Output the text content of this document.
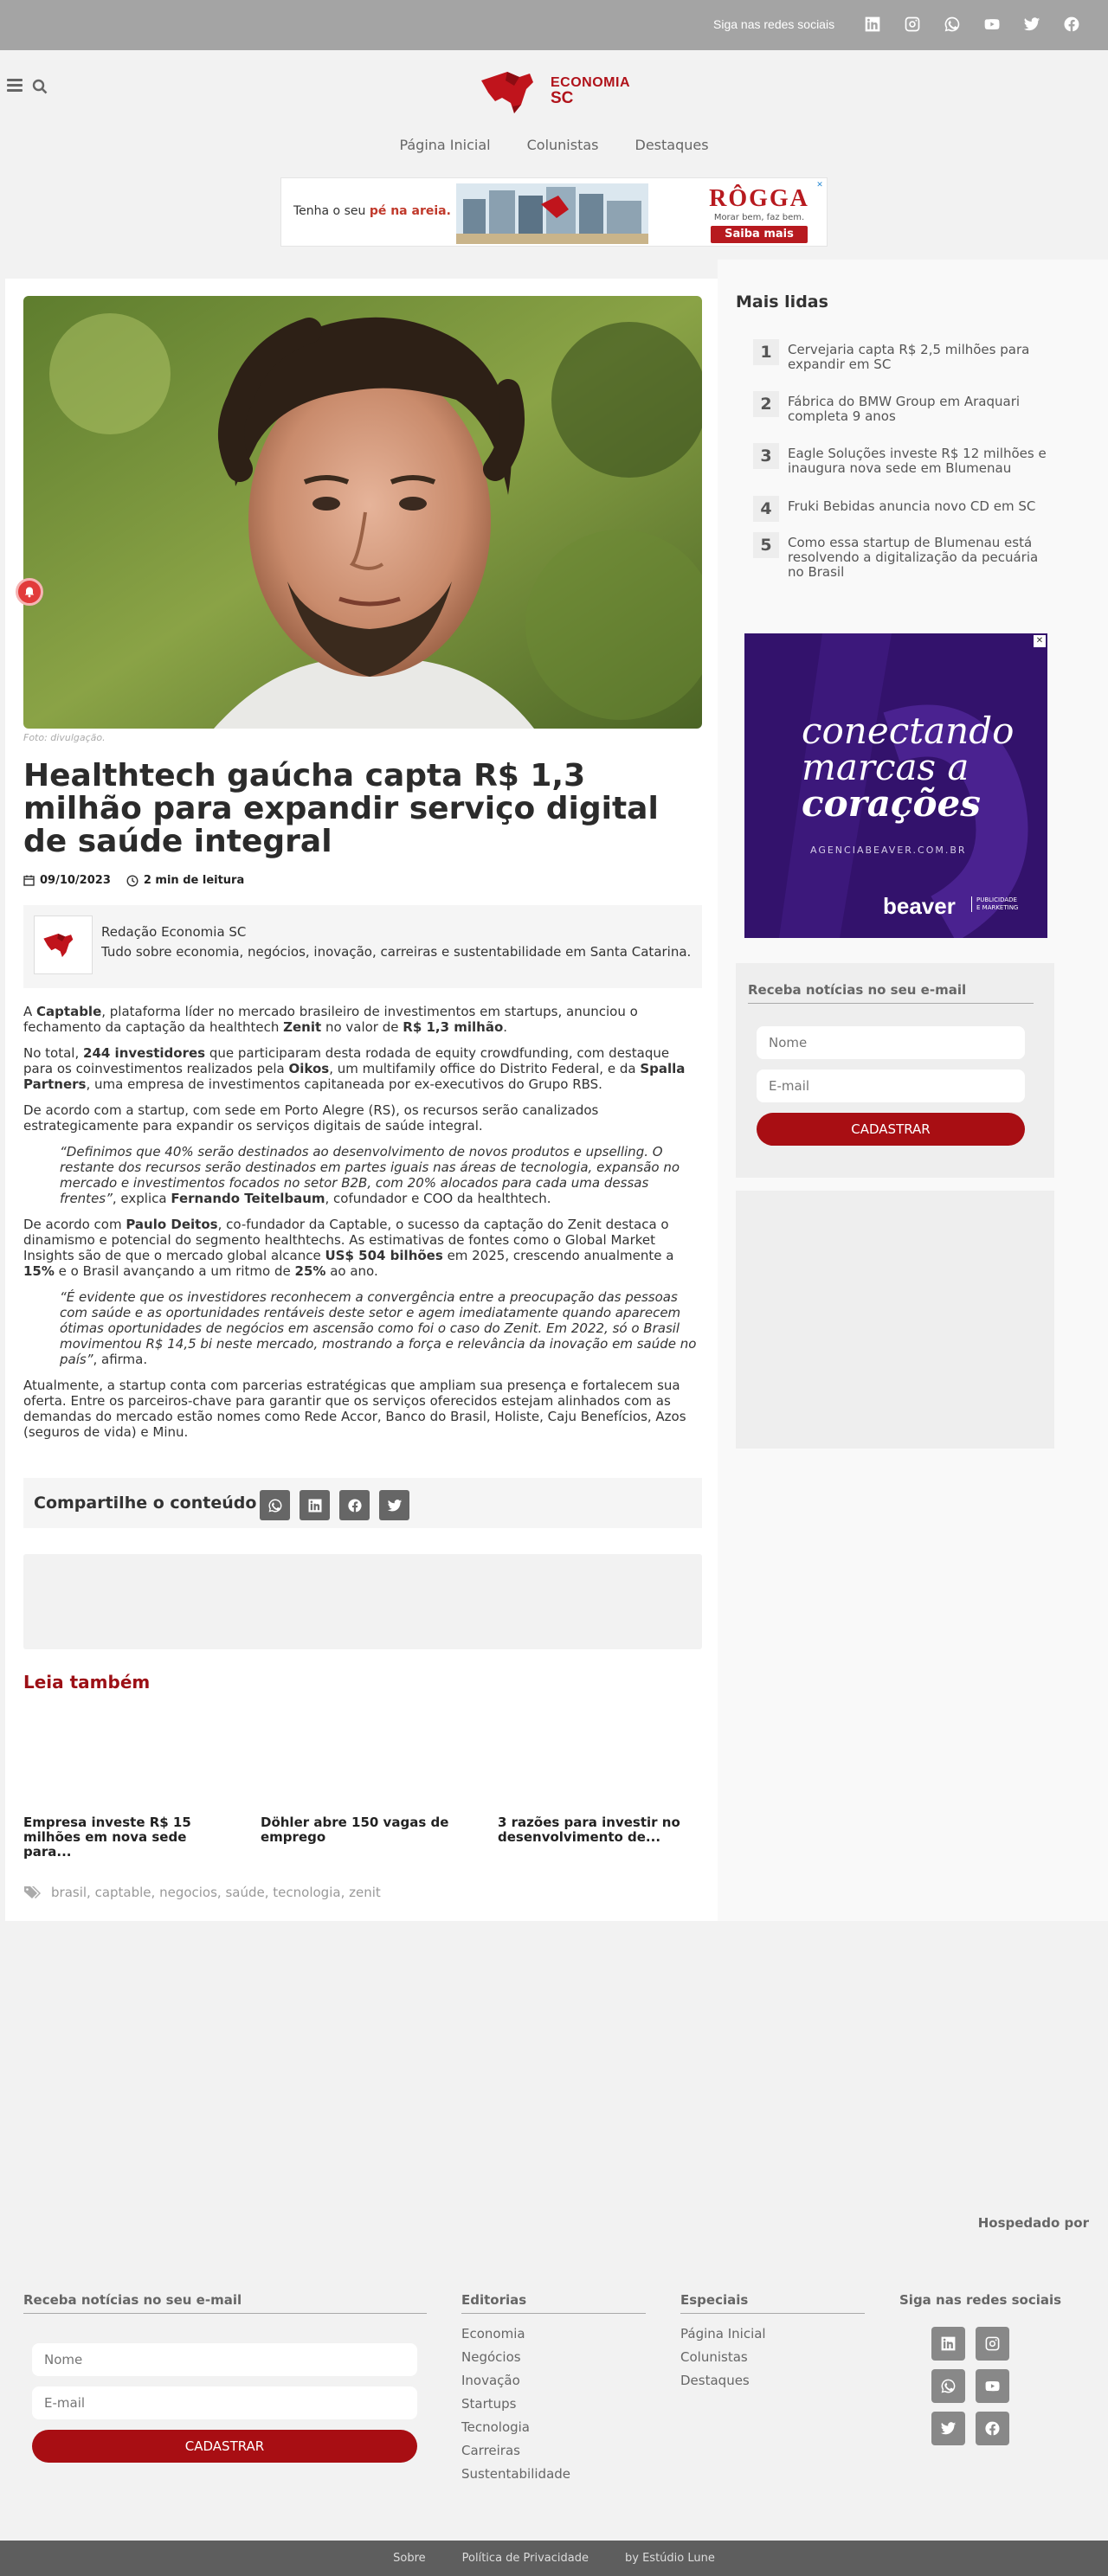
Siga nas redes sociais
ECONOMIA
SC
Página Inicial	Colunistas	Destaques
Tenha o seu pé na areia.	RÔGGA
Morar bem, faz bem.
Saiba mais
✕
Foto: divulgação.
Healthtech gaúcha capta R$ 1,3 milhão para expandir serviço digital de saúde integral
09/10/2023	2 min de leitura
Redação Economia SC
Tudo sobre economia, negócios, inovação, carreiras e sustentabilidade em Santa Catarina.

A Captable, plataforma líder no mercado brasileiro de investimentos em startups, anunciou o fechamento da captação da healthtech Zenit no valor de R$ 1,3 milhão.

No total, 244 investidores que participaram desta rodada de equity crowdfunding, com destaque para os coinvestimentos realizados pela Oikos, um multifamily office do Distrito Federal, e da Spalla Partners, uma empresa de investimentos capitaneada por ex-executivos do Grupo RBS.

De acordo com a startup, com sede em Porto Alegre (RS), os recursos serão canalizados estrategicamente para expandir os serviços digitais de saúde integral.

“Definimos que 40% serão destinados ao desenvolvimento de novos produtos e upselling. O restante dos recursos serão destinados em partes iguais nas áreas de tecnologia, expansão no mercado e investimentos focados no setor B2B, com 20% alocados para cada uma dessas frentes”, explica Fernando Teitelbaum, cofundador e COO da healthtech.

De acordo com Paulo Deitos, co-fundador da Captable, o sucesso da captação do Zenit destaca o dinamismo e potencial do segmento healthtechs. As estimativas de fontes como o Global Market Insights são de que o mercado global alcance US$ 504 bilhões em 2025, crescendo anualmente a 15% e o Brasil avançando a um ritmo de 25% ao ano.

“É evidente que os investidores reconhecem a convergência entre a preocupação das pessoas com saúde e as oportunidades rentáveis deste setor e agem imediatamente quando aparecem ótimas oportunidades de negócios em ascensão como foi o caso do Zenit. Em 2022, só o Brasil movimentou R$ 14,5 bi neste mercado, mostrando a força e relevância da inovação em saúde no país”, afirma.

Atualmente, a startup conta com parcerias estratégicas que ampliam sua presença e fortalecem sua oferta. Entre os parceiros-chave para garantir que os serviços oferecidos estejam alinhados com as demandas do mercado estão nomes como Rede Accor, Banco do Brasil, Holiste, Caju Benefícios, Azos (seguros de vida) e Minu.

Compartilhe o conteúdo
Leia também
Empresa investe R$ 15 milhões em nova sede para...
Döhler abre 150 vagas de emprego
3 razões para investir no desenvolvimento de...
brasil, captable, negocios, saúde, tecnologia, zenit
Mais lidas
1	Cervejaria capta R$ 2,5 milhões para expandir em SC
2	Fábrica do BMW Group em Araquari completa 9 anos
3	Eagle Soluções investe R$ 12 milhões e inaugura nova sede em Blumenau
4	Fruki Bebidas anuncia novo CD em SC
5	Como essa startup de Blumenau está resolvendo a digitalização da pecuária no Brasil
✕
conectando
marcas a
corações
AGENCIABEAVER.COM.BR
beaver	PUBLICIDADE
E MARKETING
Receba notícias no seu e-mail
Nome
E-mail
CADASTRAR
Hospedado por
Receba notícias no seu e-mail
Nome
E-mail
CADASTRAR
Editorias
Economia
Negócios
Inovação
Startups
Tecnologia
Carreiras
Sustentabilidade
Especiais
Página Inicial
Colunistas
Destaques
Siga nas redes sociais
Sobre	Política de Privacidade	by Estúdio Lune
